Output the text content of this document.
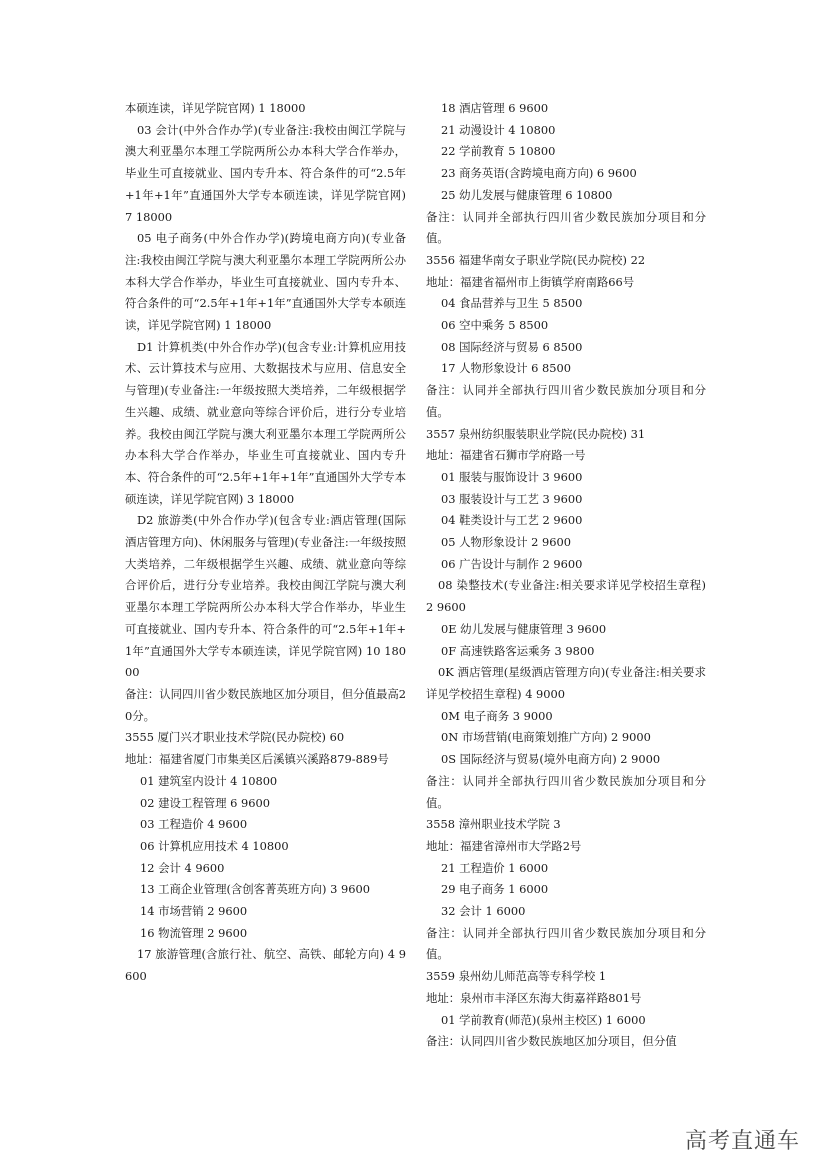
本硕连读，详见学院官网) 1 18000

03 会计(中外合作办学)(专业备注:我校由闽江学院与澳大利亚墨尔本理工学院两所公办本科大学合作举办，毕业生可直接就业、国内专升本、符合条件的可“2.5年+1年+1年”直通国外大学专本硕连读，详见学院官网) 7 18000

05 电子商务(中外合作办学)(跨境电商方向)(专业备注:我校由闽江学院与澳大利亚墨尔本理工学院两所公办本科大学合作举办，毕业生可直接就业、国内专升本、符合条件的可“2.5年+1年+1年”直通国外大学专本硕连读，详见学院官网) 1 18000

D1 计算机类(中外合作办学)(包含专业:计算机应用技术、云计算技术与应用、大数据技术与应用、信息安全与管理)(专业备注:一年级按照大类培养，二年级根据学生兴趣、成绩、就业意向等综合评价后，进行分专业培养。我校由闽江学院与澳大利亚墨尔本理工学院两所公办本科大学合作举办，毕业生可直接就业、国内专升本、符合条件的可“2.5年+1年+1年”直通国外大学专本硕连读，详见学院官网) 3 18000

D2 旅游类(中外合作办学)(包含专业:酒店管理(国际酒店管理方向)、休闲服务与管理)(专业备注:一年级按照大类培养，二年级根据学生兴趣、成绩、就业意向等综合评价后，进行分专业培养。我校由闽江学院与澳大利亚墨尔本理工学院两所公办本科大学合作举办，毕业生可直接就业、国内专升本、符合条件的可“2.5年+1年+1年”直通国外大学专本硕连读，详见学院官网) 10 18000

备注：认同四川省少数民族地区加分项目，但分值最高20分。

3555 厦门兴才职业技术学院(民办院校) 60

地址：福建省厦门市集美区后溪镇兴溪路879-889号

01 建筑室内设计 4 10800

02 建设工程管理 6 9600

03 工程造价 4 9600

06 计算机应用技术 4 10800

12 会计 4 9600

13 工商企业管理(含创客菁英班方向) 3 9600

14 市场营销 2 9600

16 物流管理 2 9600

17 旅游管理(含旅行社、航空、高铁、邮轮方向) 4 9600

18 酒店管理 6 9600

21 动漫设计 4 10800

22 学前教育 5 10800

23 商务英语(含跨境电商方向) 6 9600

25 幼儿发展与健康管理 6 10800

备注：认同并全部执行四川省少数民族加分项目和分值。

3556 福建华南女子职业学院(民办院校) 22

地址：福建省福州市上街镇学府南路66号

04 食品营养与卫生 5 8500

06 空中乘务 5 8500

08 国际经济与贸易 6 8500

17 人物形象设计 6 8500

备注：认同并全部执行四川省少数民族加分项目和分值。

3557 泉州纺织服装职业学院(民办院校) 31

地址：福建省石狮市学府路一号

01 服装与服饰设计 3 9600

03 服装设计与工艺 3 9600

04 鞋类设计与工艺 2 9600

05 人物形象设计 2 9600

06 广告设计与制作 2 9600

08 染整技术(专业备注:相关要求详见学校招生章程) 2 9600

0E 幼儿发展与健康管理 3 9600

0F 高速铁路客运乘务 3 9800

0K 酒店管理(星级酒店管理方向)(专业备注:相关要求详见学校招生章程) 4 9000

0M 电子商务 3 9000

0N 市场营销(电商策划推广方向) 2 9000

0S 国际经济与贸易(境外电商方向) 2 9000

备注：认同并全部执行四川省少数民族加分项目和分值。

3558 漳州职业技术学院 3

地址：福建省漳州市大学路2号

21 工程造价 1 6000

29 电子商务 1 6000

32 会计 1 6000

备注：认同并全部执行四川省少数民族加分项目和分值。

3559 泉州幼儿师范高等专科学校 1

地址：泉州市丰泽区东海大街嘉祥路801号

01 学前教育(师范)(泉州主校区) 1 6000

备注：认同四川省少数民族地区加分项目，但分值

高考直通车
